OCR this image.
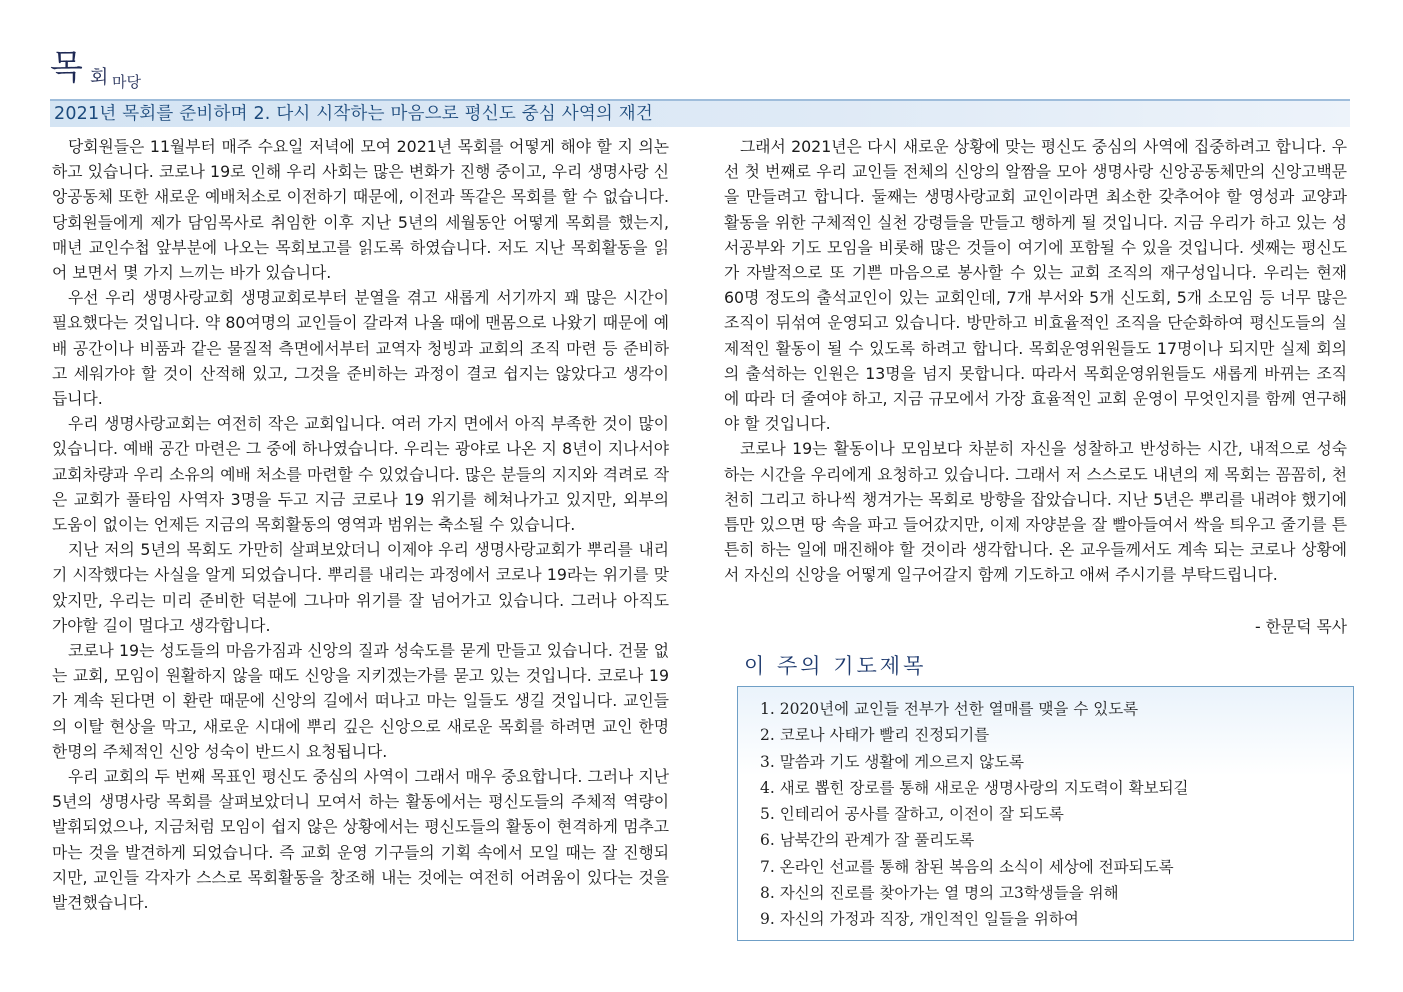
목 회 마당
2021년 목회를 준비하며 2. 다시 시작하는 마음으로 평신도 중심 사역의 재건

당회원들은 11월부터 매주 수요일 저녁에 모여 2021년 목회를 어떻게 해야 할 지 의논하고 있습니다. 코로나 19로 인해 우리 사회는 많은 변화가 진행 중이고, 우리 생명사랑 신앙공동체 또한 새로운 예배처소로 이전하기 때문에, 이전과 똑같은 목회를 할 수 없습니다. 당회원들에게 제가 담임목사로 취임한 이후 지난 5년의 세월동안 어떻게 목회를 했는지, 매년 교인수첩 앞부분에 나오는 목회보고를 읽도록 하였습니다. 저도 지난 목회활동을 읽어 보면서 몇 가지 느끼는 바가 있습니다.

우선 우리 생명사랑교회 생명교회로부터 분열을 겪고 새롭게 서기까지 꽤 많은 시간이 필요했다는 것입니다. 약 80여명의 교인들이 갈라져 나올 때에 맨몸으로 나왔기 때문에 예배 공간이나 비품과 같은 물질적 측면에서부터 교역자 청빙과 교회의 조직 마련 등 준비하고 세워가야 할 것이 산적해 있고, 그것을 준비하는 과정이 결코 쉽지는 않았다고 생각이 듭니다.

우리 생명사랑교회는 여전히 작은 교회입니다. 여러 가지 면에서 아직 부족한 것이 많이 있습니다. 예배 공간 마련은 그 중에 하나였습니다. 우리는 광야로 나온 지 8년이 지나서야 교회차량과 우리 소유의 예배 처소를 마련할 수 있었습니다. 많은 분들의 지지와 격려로 작은 교회가 풀타임 사역자 3명을 두고 지금 코로나 19 위기를 헤쳐나가고 있지만, 외부의 도움이 없이는 언제든 지금의 목회활동의 영역과 범위는 축소될 수 있습니다.

지난 저의 5년의 목회도 가만히 살펴보았더니 이제야 우리 생명사랑교회가 뿌리를 내리기 시작했다는 사실을 알게 되었습니다. 뿌리를 내리는 과정에서 코로나 19라는 위기를 맞았지만, 우리는 미리 준비한 덕분에 그나마 위기를 잘 넘어가고 있습니다. 그러나 아직도 가야할 길이 멀다고 생각합니다.

코로나 19는 성도들의 마음가짐과 신앙의 질과 성숙도를 묻게 만들고 있습니다. 건물 없는 교회, 모임이 원활하지 않을 때도 신앙을 지키겠는가를 묻고 있는 것입니다. 코로나 19가 계속 된다면 이 환란 때문에 신앙의 길에서 떠나고 마는 일들도 생길 것입니다. 교인들의 이탈 현상을 막고, 새로운 시대에 뿌리 깊은 신앙으로 새로운 목회를 하려면 교인 한명 한명의 주체적인 신앙 성숙이 반드시 요청됩니다.

우리 교회의 두 번째 목표인 평신도 중심의 사역이 그래서 매우 중요합니다. 그러나 지난 5년의 생명사랑 목회를 살펴보았더니 모여서 하는 활동에서는 평신도들의 주체적 역량이 발휘되었으나, 지금처럼 모임이 쉽지 않은 상황에서는 평신도들의 활동이 현격하게 멈추고 마는 것을 발견하게 되었습니다. 즉 교회 운영 기구들의 기획 속에서 모일 때는 잘 진행되지만, 교인들 각자가 스스로 목회활동을 창조해 내는 것에는 여전히 어려움이 있다는 것을 발견했습니다.

그래서 2021년은 다시 새로운 상황에 맞는 평신도 중심의 사역에 집중하려고 합니다. 우선 첫 번째로 우리 교인들 전체의 신앙의 알짬을 모아 생명사랑 신앙공동체만의 신앙고백문을 만들려고 합니다. 둘째는 생명사랑교회 교인이라면 최소한 갖추어야 할 영성과 교양과 활동을 위한 구체적인 실천 강령들을 만들고 행하게 될 것입니다. 지금 우리가 하고 있는 성서공부와 기도 모임을 비롯해 많은 것들이 여기에 포함될 수 있을 것입니다. 셋째는 평신도가 자발적으로 또 기쁜 마음으로 봉사할 수 있는 교회 조직의 재구성입니다. 우리는 현재 60명 정도의 출석교인이 있는 교회인데, 7개 부서와 5개 신도회, 5개 소모임 등 너무 많은 조직이 뒤섞여 운영되고 있습니다. 방만하고 비효율적인 조직을 단순화하여 평신도들의 실제적인 활동이 될 수 있도록 하려고 합니다. 목회운영위원들도 17명이나 되지만 실제 회의의 출석하는 인원은 13명을 넘지 못합니다. 따라서 목회운영위원들도 새롭게 바뀌는 조직에 따라 더 줄여야 하고, 지금 규모에서 가장 효율적인 교회 운영이 무엇인지를 함께 연구해야 할 것입니다.

코로나 19는 활동이나 모임보다 차분히 자신을 성찰하고 반성하는 시간, 내적으로 성숙하는 시간을 우리에게 요청하고 있습니다. 그래서 저 스스로도 내년의 제 목회는 꼼꼼히, 천천히 그리고 하나씩 챙겨가는 목회로 방향을 잡았습니다. 지난 5년은 뿌리를 내려야 했기에 틈만 있으면 땅 속을 파고 들어갔지만, 이제 자양분을 잘 빨아들여서 싹을 틔우고 줄기를 튼튼히 하는 일에 매진해야 할 것이라 생각합니다. 온 교우들께서도 계속 되는 코로나 상황에서 자신의 신앙을 어떻게 일구어갈지 함께 기도하고 애써 주시기를 부탁드립니다.

- 한문덕 목사
이 주의 기도제목
1. 2020년에 교인들 전부가 선한 열매를 맺을 수 있도록
2. 코로나 사태가 빨리 진정되기를
3. 말씀과 기도 생활에 게으르지 않도록
4. 새로 뽑힌 장로를 통해 새로운 생명사랑의 지도력이 확보되길
5. 인테리어 공사를 잘하고, 이전이 잘 되도록
6. 남북간의 관계가 잘 풀리도록
7. 온라인 선교를 통해 참된 복음의 소식이 세상에 전파되도록
8. 자신의 진로를 찾아가는 열 명의 고3학생들을 위해
9. 자신의 가정과 직장, 개인적인 일들을 위하여
